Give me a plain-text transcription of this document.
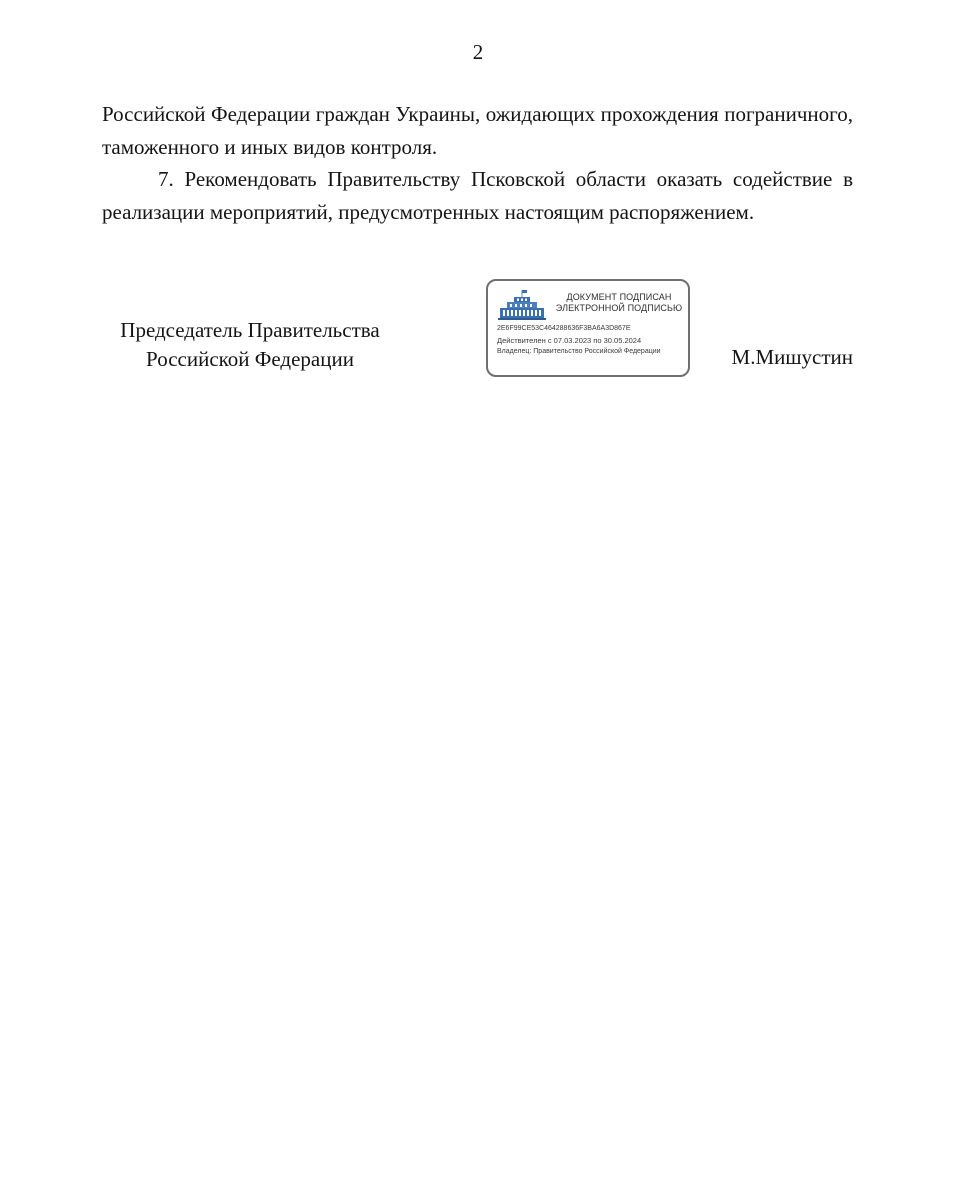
2

Российской Федерации граждан Украины, ожидающих прохождения пограничного, таможенного и иных видов контроля.

7. Рекомендовать Правительству Псковской области оказать содействие в реализации мероприятий, предусмотренных настоящим распоряжением.

Председатель Правительства
Российской Федерации
ДОКУМЕНТ ПОДПИСАН
ЭЛЕКТРОННОЙ ПОДПИСЬЮ
2E6F99CE53C464288636F3BA6A3D867E
Действителен с 07.03.2023 по 30.05.2024
Владелец: Правительство Российской Федерации	М.Мишустин
